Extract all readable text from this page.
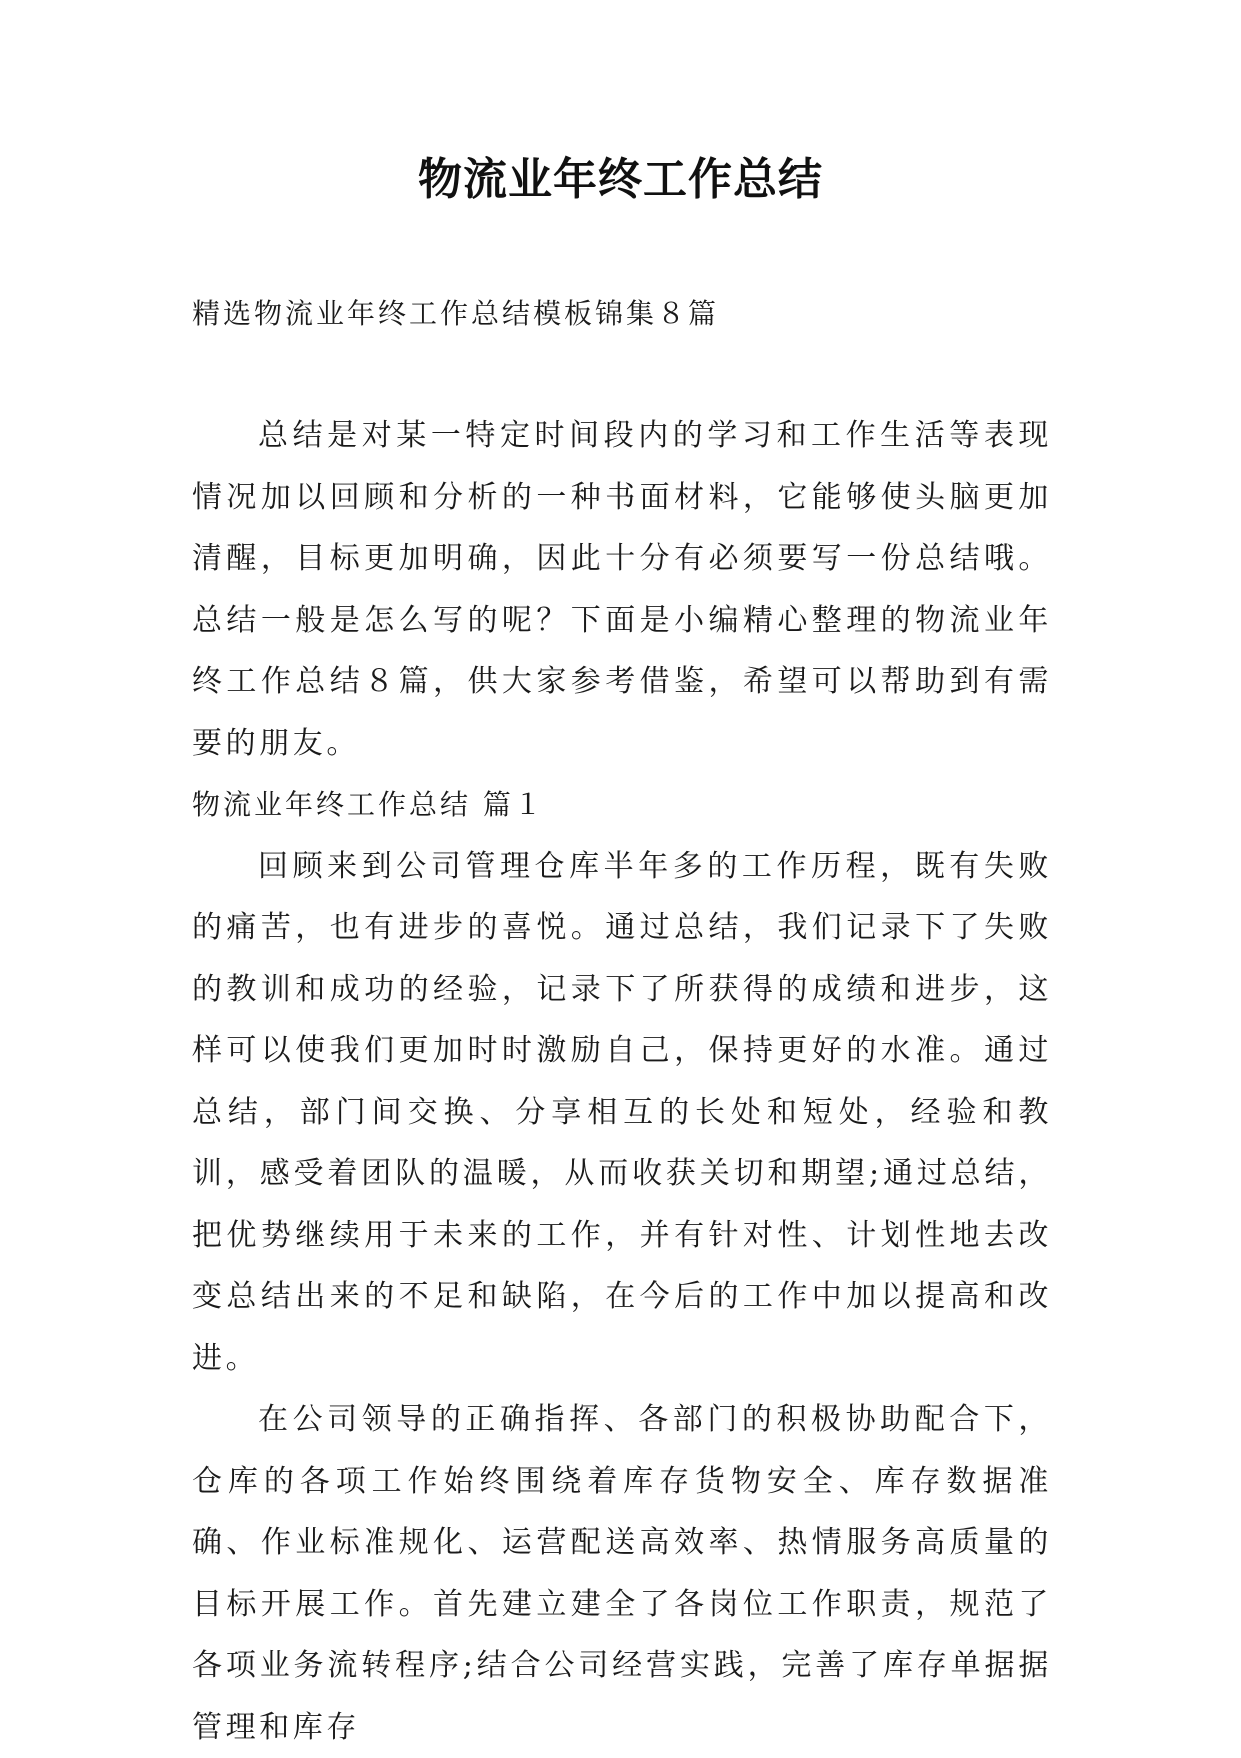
物流业年终工作总结

精选物流业年终工作总结模板锦集８篇

总结是对某一特定时间段内的学习和工作生活等表现情况加以回顾和分析的一种书面材料，它能够使头脑更加清醒，目标更加明确，因此十分有必须要写一份总结哦。总结一般是怎么写的呢？下面是小编精心整理的物流业年终工作总结８篇，供大家参考借鉴，希望可以帮助到有需要的朋友。

物流业年终工作总结 篇１

回顾来到公司管理仓库半年多的工作历程，既有失败的痛苦，也有进步的喜悦。通过总结，我们记录下了失败的教训和成功的经验，记录下了所获得的成绩和进步，这样可以使我们更加时时激励自己，保持更好的水准。通过总结，部门间交换、分享相互的长处和短处，经验和教训，感受着团队的温暖，从而收获关切和期望;通过总结，把优势继续用于未来的工作，并有针对性、计划性地去改变总结出来的不足和缺陷，在今后的工作中加以提高和改进。

在公司领导的正确指挥、各部门的积极协助配合下，仓库的各项工作始终围绕着库存货物安全、库存数据准确、作业标准规化、运营配送高效率、热情服务高质量的目标开展工作。首先建立建全了各岗位工作职责，规范了各项业务流转程序;结合公司经营实践，完善了库存单据据管理和库存
